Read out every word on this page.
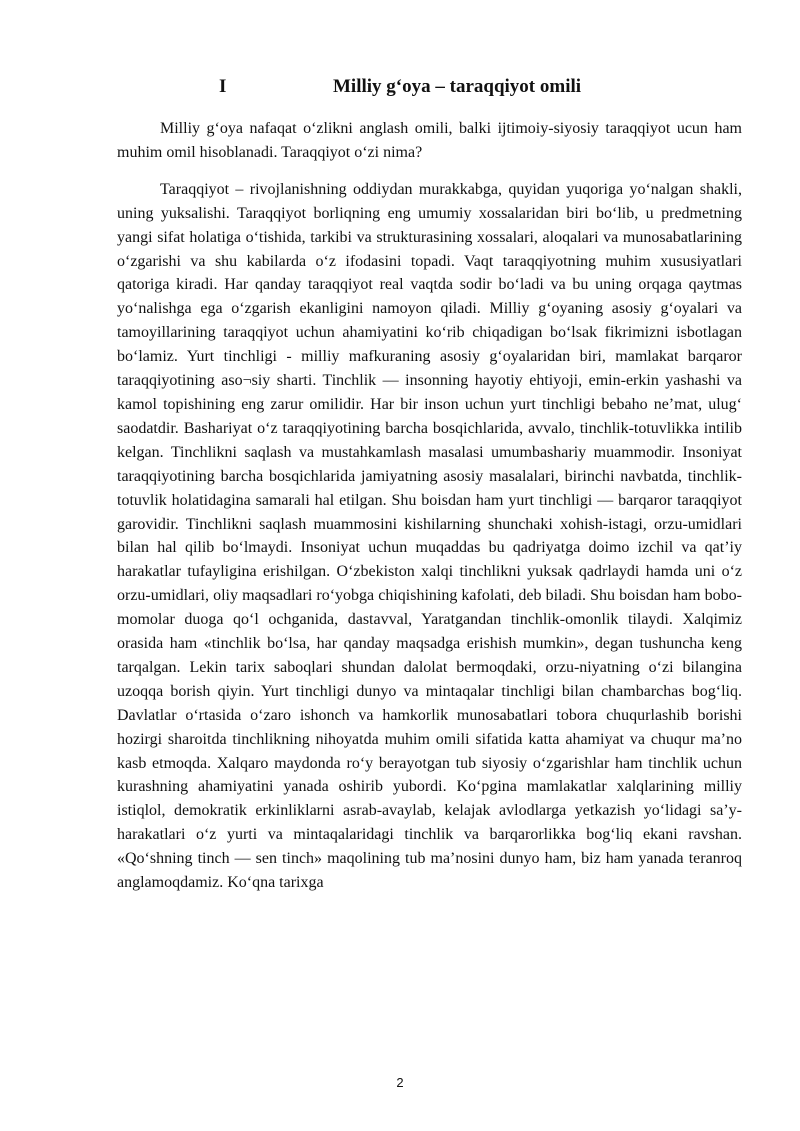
I	Milliy g‘oya – taraqqiyot omili

Milliy g‘oya nafaqat o‘zlikni anglash omili, balki ijtimoiy-siyosiy taraqqiyot ucun ham muhim omil hisoblanadi. Taraqqiyot o‘zi nima?

Taraqqiyot – rivojlanishning oddiydan murakkabga, quyidan yuqoriga yo‘nalgan shakli, uning yuksalishi. Taraqqiyot borliqning eng umumiy xossalaridan biri bo‘lib, u predmetning yangi sifat holatiga o‘tishida, tarkibi va strukturasining xossalari, aloqalari va munosabatlarining o‘zgarishi va shu kabilarda o‘z ifodasini topadi. Vaqt taraqqiyotning muhim xususiyatlari qatoriga kiradi. Har qanday taraqqiyot real vaqtda sodir bo‘ladi va bu uning orqaga qaytmas yo‘nalishga ega o‘zgarish ekanligini namoyon qiladi. Milliy g‘oyaning asosiy g‘oyalari va tamoyillarining taraqqiyot uchun ahamiyatini ko‘rib chiqadigan bo‘lsak fikrimizni isbotlagan bo‘lamiz. Yurt tinchligi - milliy mafkuraning asosiy g‘oyalaridan biri, mamlakat barqaror taraqqiyotining aso¬siy sharti. Tinchlik — insonning hayotiy ehtiyoji, emin-erkin yashashi va kamol topishining eng zarur omilidir. Har bir inson uchun yurt tinchligi bebaho ne’mat, ulug‘ saodatdir. Bashariyat o‘z taraqqiyotining barcha bosqichlarida, avvalo, tinchlik-totuvlikka intilib kelgan. Tinchlikni saqlash va mustahkamlash masalasi umumbashariy muammodir. Insoniyat taraqqiyotining barcha bosqichlarida jamiyatning asosiy masalalari, birinchi navbatda, tinchlik-totuvlik holatidagina samarali hal etilgan. Shu boisdan ham yurt tinchligi — barqaror taraqqiyot garovidir. Tinchlikni saqlash muammosini kishilarning shunchaki xohish-istagi, orzu-umidlari bilan hal qilib bo‘lmaydi. Insoniyat uchun muqaddas bu qadriyatga doimo izchil va qat’iy harakatlar tufayligina erishilgan. O‘zbekiston xalqi tinchlikni yuksak qadrlaydi hamda uni o‘z orzu-umidlari, oliy maqsadlari ro‘yobga chiqishining kafolati, deb biladi. Shu boisdan ham bobo-momolar duoga qo‘l ochganida, dastavval, Yaratgandan tinchlik-omonlik tilaydi. Xalqimiz orasida ham «tinchlik bo‘lsa, har qanday maqsadga erishish mumkin», degan tushuncha keng tarqalgan. Lekin tarix saboqlari shundan dalolat bermoqdaki, orzu-niyatning o‘zi bilangina uzoqqa borish qiyin. Yurt tinchligi dunyo va mintaqalar tinchligi bilan chambarchas bog‘liq. Davlatlar o‘rtasida o‘zaro ishonch va hamkorlik munosabatlari tobora chuqurlashib borishi hozirgi sharoitda tinchlikning nihoyatda muhim omili sifatida katta ahamiyat va chuqur ma’no kasb etmoqda. Xalqaro maydonda ro‘y berayotgan tub siyosiy o‘zgarishlar ham tinchlik uchun kurashning ahamiyatini yanada oshirib yubordi. Ko‘pgina mamlakatlar xalqlarining milliy istiqlol, demokratik erkinliklarni asrab-avaylab, kelajak avlodlarga yetkazish yo‘lidagi sa’y-harakatlari o‘z yurti va mintaqalaridagi tinchlik va barqarorlikka bog‘liq ekani ravshan. «Qo‘shning tinch — sen tinch» maqolining tub ma’nosini dunyo ham, biz ham yanada teranroq anglamoqdamiz. Ko‘qna tarixga

2
